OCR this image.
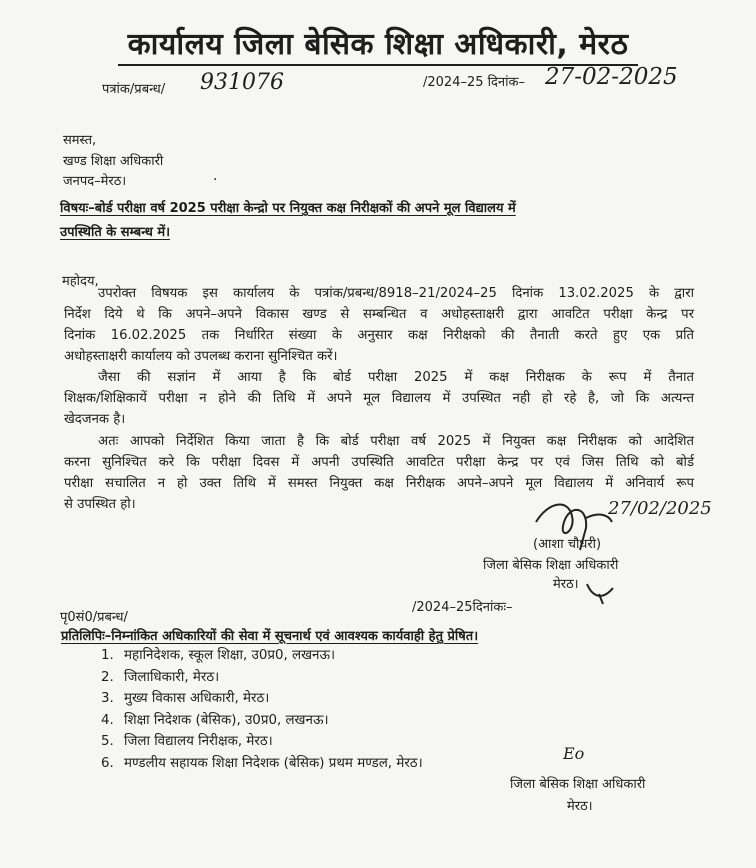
कार्यालय जिला बेसिक शिक्षा अधिकारी, मेरठ
पत्रांक/प्रबन्ध/ 931076	/2024–25 दिनांक– 27-02-2025
समस्त,
खण्ड शिक्षा अधिकारी
जनपद–मेरठ।	.
विषयः–बोर्ड परीक्षा वर्ष 2025 परीक्षा केन्द्रो पर नियुक्त कक्ष निरीक्षकों की अपने मूल विद्यालय में
उपस्थिति के सम्बन्ध में।
महोदय,

उपरोक्त विषयक इस कार्यालय के पत्रांक/प्रबन्ध/8918–21/2024–25 दिनांक 13.02.2025 के द्वारा

निर्देश दिये थे कि अपने–अपने विकास खण्ड से सम्बन्धित व अधोहस्ताक्षरी द्वारा आवटित परीक्षा केन्द्र पर

दिनांक 16.02.2025 तक निर्धारित संख्या के अनुसार कक्ष निरीक्षको की तैनाती करते हुए एक प्रति

अधोहस्ताक्षरी कार्यालय को उपलब्ध कराना सुनिश्चित करें।

जैसा की सज्ञांन में आया है कि बोर्ड परीक्षा 2025 में कक्ष निरीक्षक के रूप में तैनात

शिक्षक/शिक्षिकायें परीक्षा न होने की तिथि में अपने मूल विद्यालय में उपस्थित नही हो रहे है, जो कि अत्यन्त

खेदजनक है।

अतः आपको निर्देशित किया जाता है कि बोर्ड परीक्षा वर्ष 2025 में नियुक्त कक्ष निरीक्षक को आदेशित

करना सुनिश्चित करे कि परीक्षा दिवस में अपनी उपस्थिति आवटित परीक्षा केन्द्र पर एवं जिस तिथि को बोर्ड

परीक्षा सचालित न हो उक्त तिथि में समस्त नियुक्त कक्ष निरीक्षक अपने–अपने मूल विद्यालय में अनिवार्य रूप

से उपस्थित हो।	27/02/2025
(आशा चौधरी)
जिला बेसिक शिक्षा अधिकारी
मेरठ।
/2024–25दिनांकः–
पृ0सं0/प्रबन्ध/
प्रतिलिपिः–निम्नांकित अधिकारियों की सेवा में सूचनार्थ एवं आवश्यक कार्यवाही हेतु प्रेषित।
1. महानिदेशक, स्कूल शिक्षा, उ0प्र0, लखनऊ।
2. जिलाधिकारी, मेरठ।
3. मुख्य विकास अधिकारी, मेरठ।
4. शिक्षा निदेशक (बेसिक), उ0प्र0, लखनऊ।
5. जिला विद्यालय निरीक्षक, मेरठ।
6. मण्डलीय सहायक शिक्षा निदेशक (बेसिक) प्रथम मण्डल, मेरठ।	Eo
जिला बेसिक शिक्षा अधिकारी
मेरठ।
